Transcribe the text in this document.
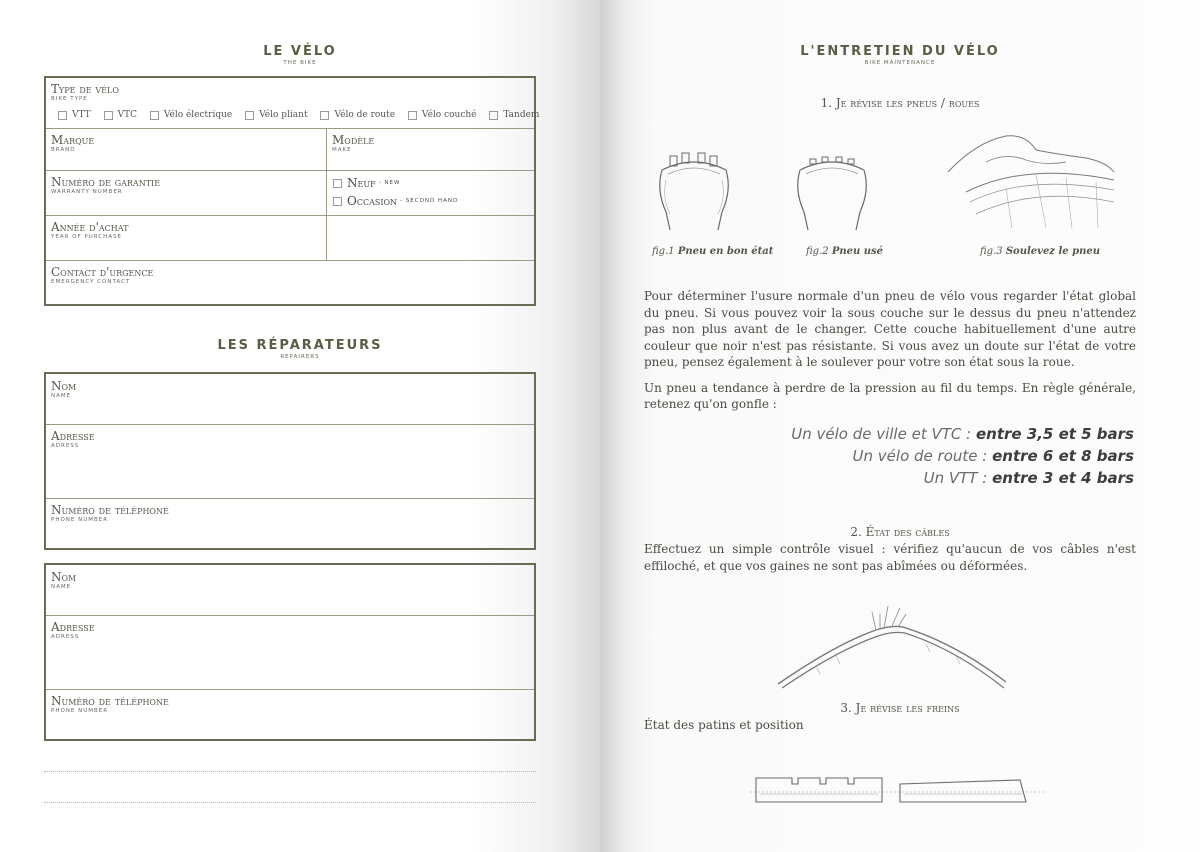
LE VÉLO
THE BIKE
Type de vélo
BIKE TYPE
VTT
	VTC
	Vélo électrique
	Vélo pliant
	Vélo de route
	Vélo couché
	Tandem
Marque
BRAND
Modèle
MAKE
Numéro de garantie
WARRANTY NUMBER
Neuf - NEW
Occasion - SECOND HAND
Année d'achat
YEAR OF PURCHASE
Contact d'urgence
EMERGENCY CONTACT
LES RÉPARATEURS
REPAIRERS
Nom
NAME
Adresse
ADRESS
Numéro de téléphone
PHONE NUMBER
Nom
NAME
Adresse
ADRESS
Numéro de téléphone
PHONE NUMBER
L'ENTRETIEN DU VÉLO
BIKE MAINTENANCE
1. Je révise les pneus / roues
fig.1 Pneu en bon état	fig.2 Pneu usé	fig.3 Soulevez le pneu

Pour déterminer l'usure normale d'un pneu de vélo vous regarder l'état global du pneu. Si vous pouvez voir la sous couche sur le dessus du pneu n'attendez pas non plus avant de le changer. Cette couche habituellement d'une autre couleur que noir n'est pas résistante. Si vous avez un doute sur l'état de votre pneu, pensez également à le soulever pour votre son état sous la roue.

Un pneu a tendance à perdre de la pression au fil du temps. En règle générale, retenez qu'on gonfle :

Un vélo de ville et VTC : entre 3,5 et 5 bars
Un vélo de route : entre 6 et 8 bars
Un VTT : entre 3 et 4 bars
2. État des câbles

Effectuez un simple contrôle visuel : vérifiez qu'aucun de vos câbles n'est effiloché, et que vos gaines ne sont pas abîmées ou déformées.

3. Je révise les freins

État des patins et position
